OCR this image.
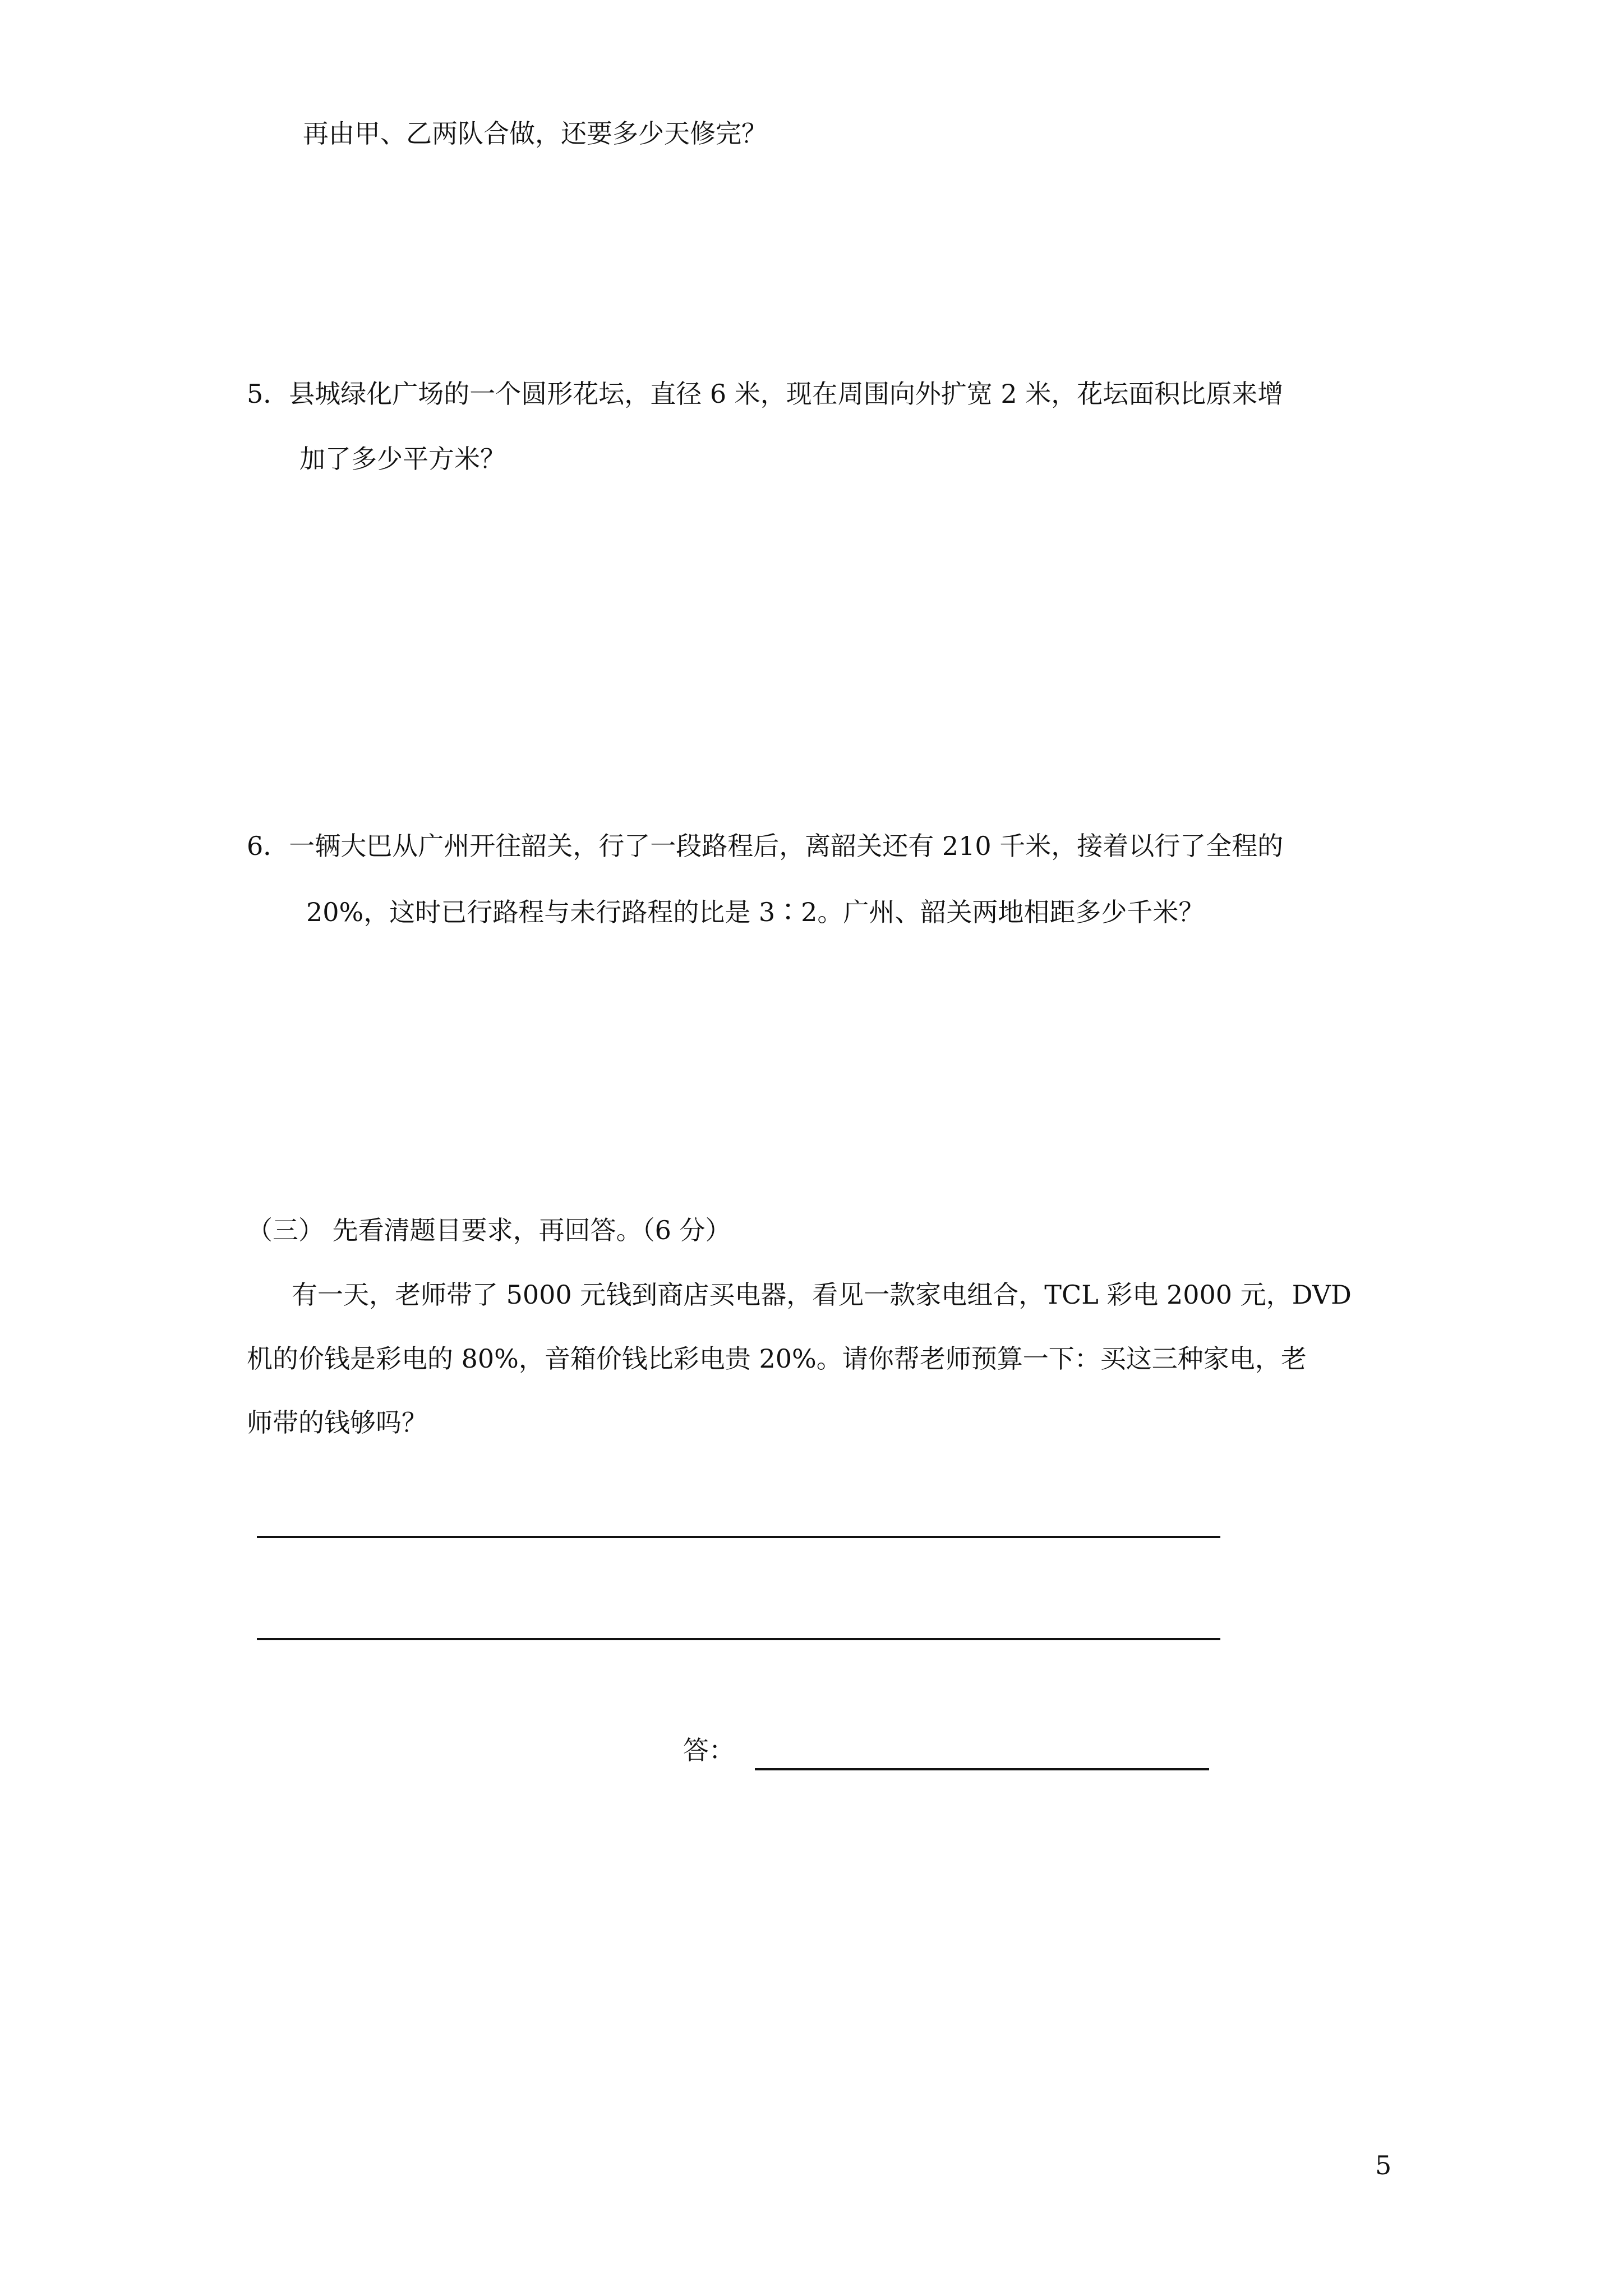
再由甲、乙两队合做，还要多少天修完？
5．县城绿化广场的一个圆形花坛，直径 6 米，现在周围向外扩宽 2 米，花坛面积比原来增
加了多少平方米？
6．一辆大巴从广州开往韶关，行了一段路程后，离韶关还有 210 千米，接着以行了全程的
20%，这时已行路程与未行路程的比是 3∶2。广州、韶关两地相距多少千米？
（三） 先看清题目要求，再回答。（6 分）
有一天，老师带了 5000 元钱到商店买电器，看见一款家电组合，TCL 彩电 2000 元，DVD
机的价钱是彩电的 80%，音箱价钱比彩电贵 20%。请你帮老师预算一下：买这三种家电，老
师带的钱够吗？
答：
5
